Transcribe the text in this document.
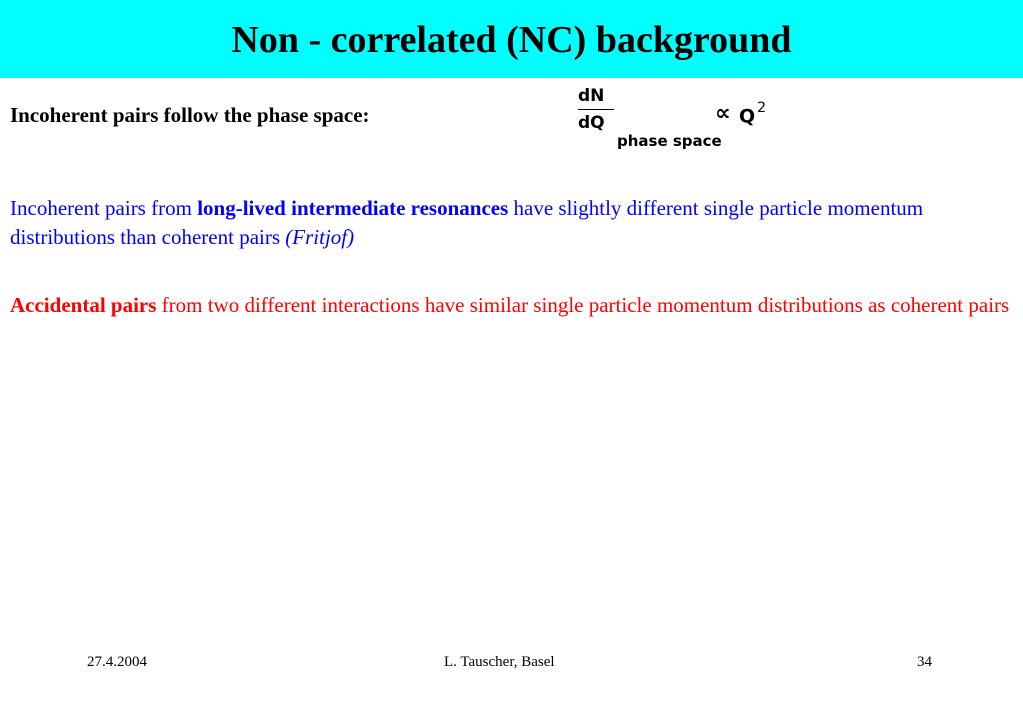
Non - correlated (NC) background
Incoherent pairs follow the phase space:
dN
dQ
phase space
∝ Q $^2$
Incoherent pairs from long-lived intermediate resonances have slightly different single particle momentum distributions than coherent pairs (Fritjof)
Accidental pairs from two different interactions have similar single particle momentum distributions as coherent pairs
27.4.2004	L. Tauscher, Basel	34
